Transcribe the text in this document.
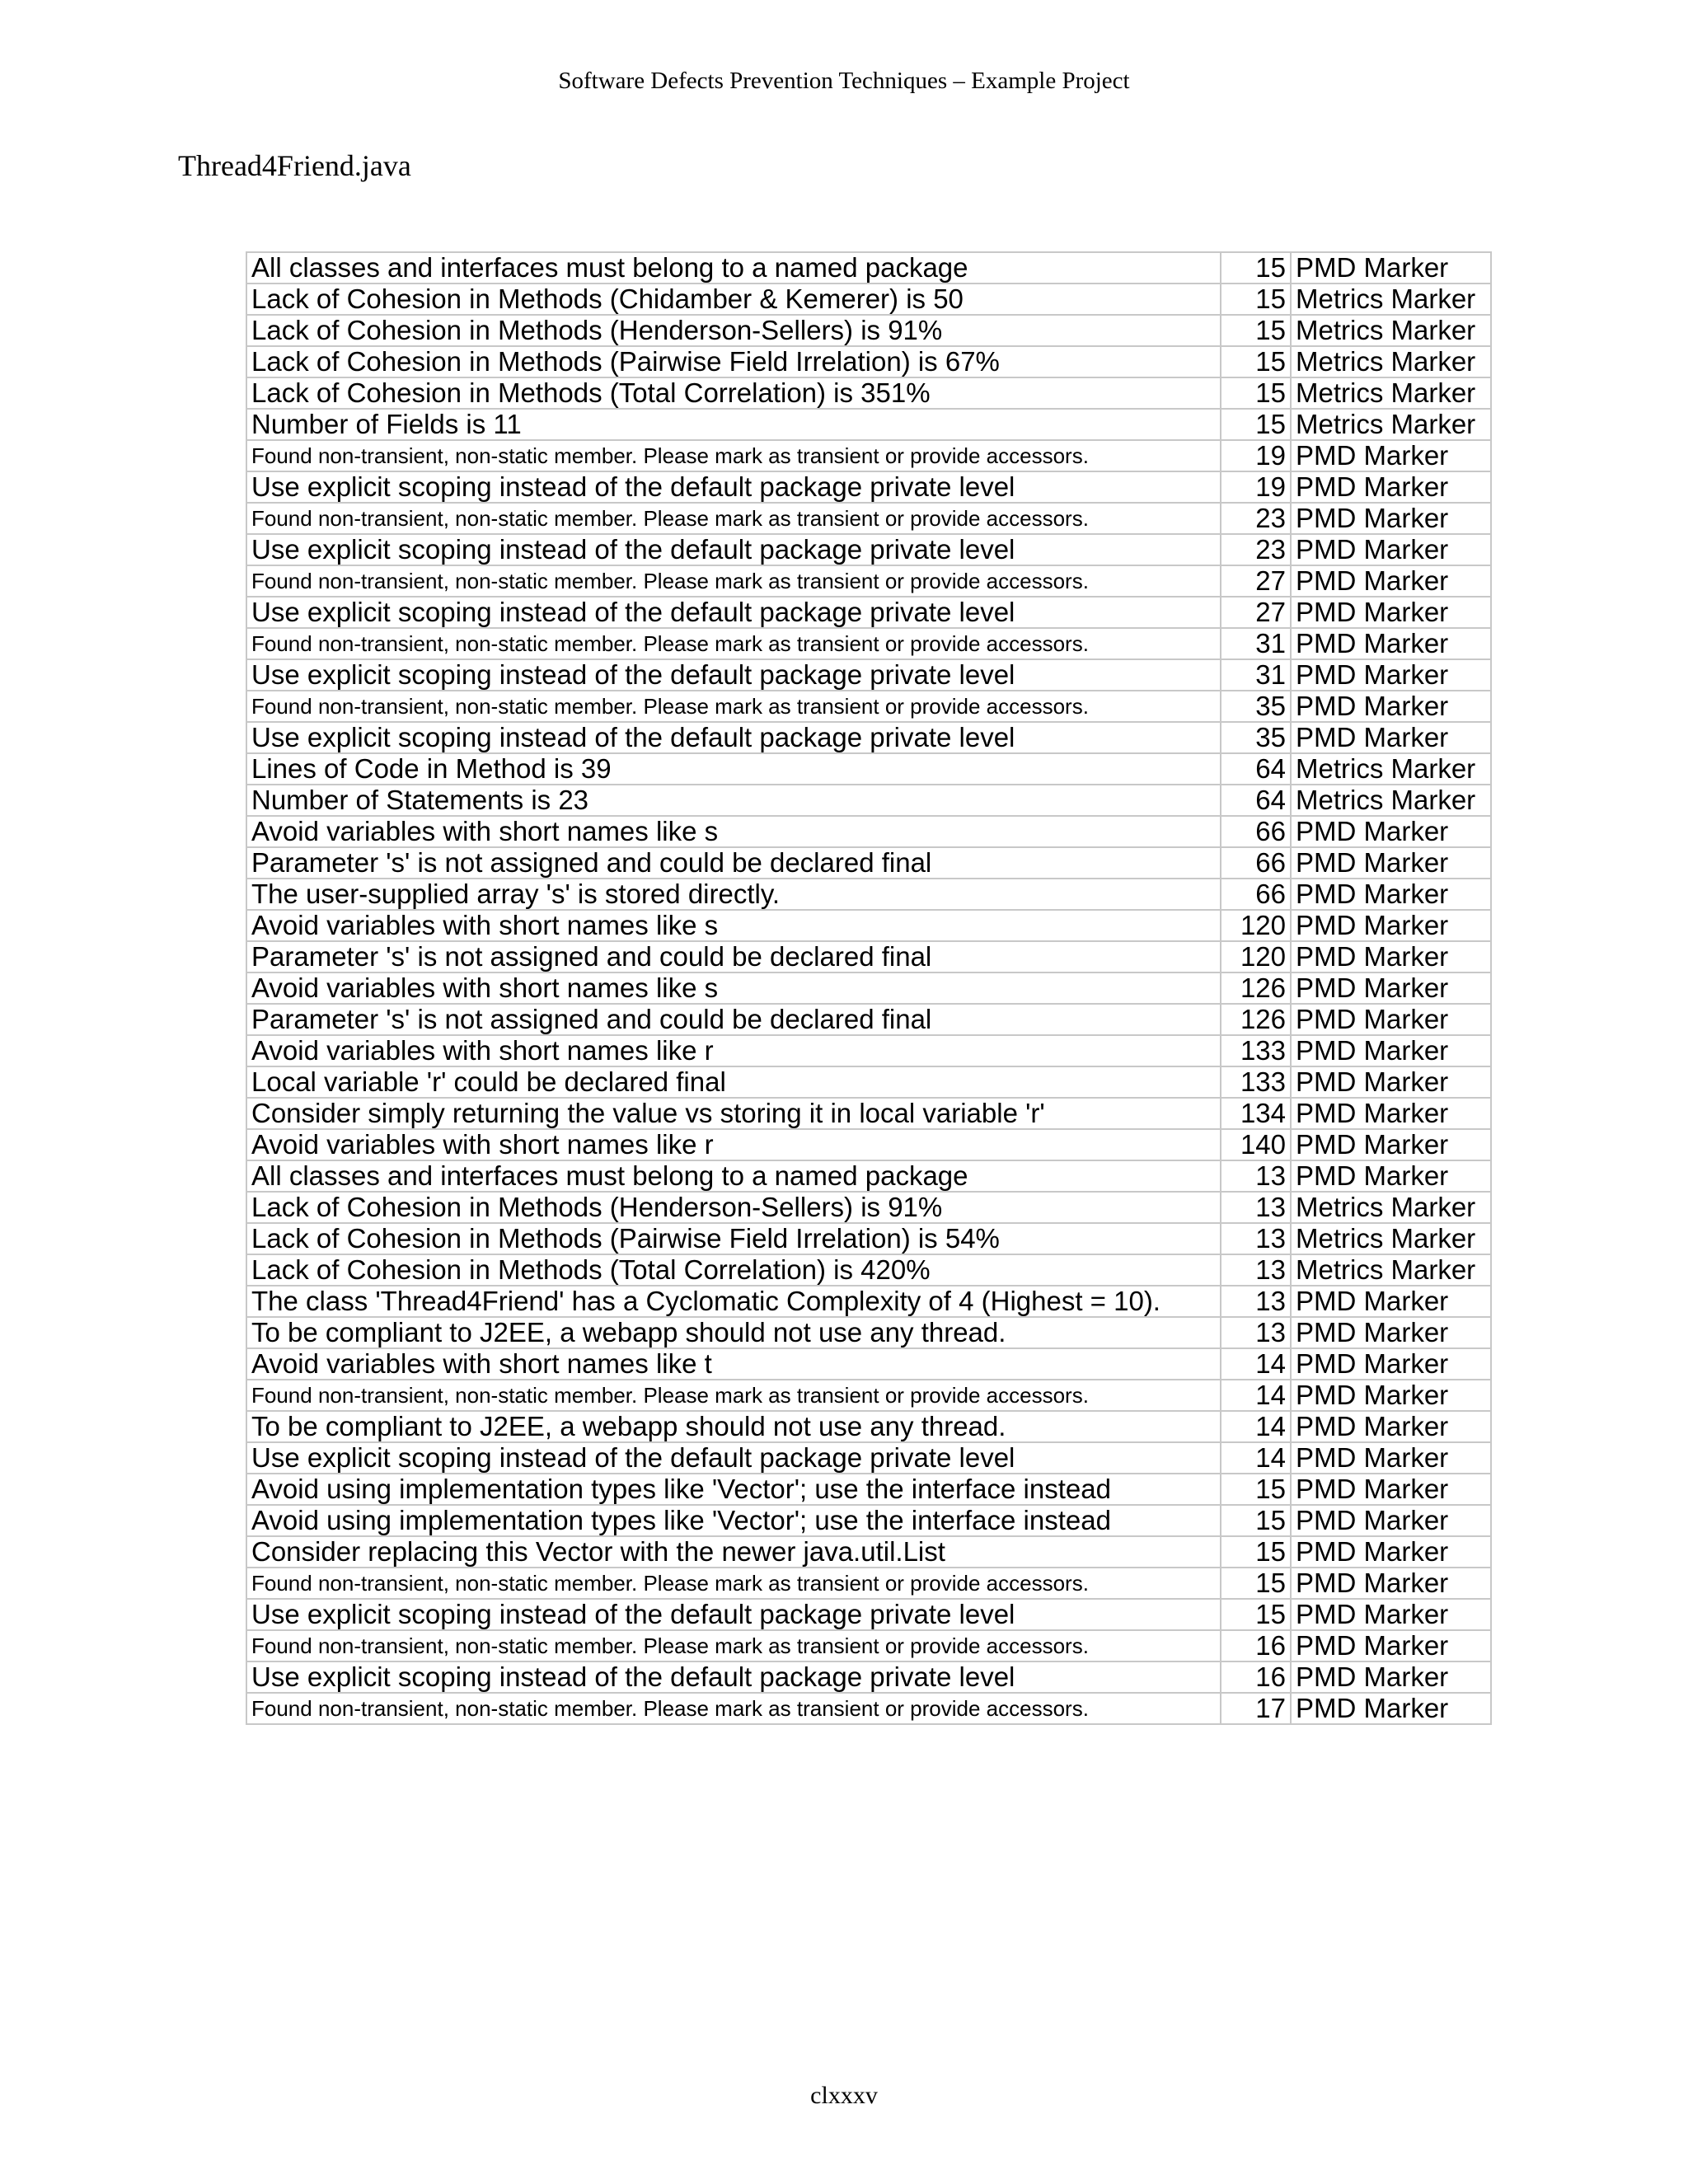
Software Defects Prevention Techniques – Example Project
Thread4Friend.java
All classes and interfaces must belong to a named package	15	PMD Marker
Lack of Cohesion in Methods (Chidamber & Kemerer) is 50	15	Metrics Marker
Lack of Cohesion in Methods (Henderson-Sellers) is 91%	15	Metrics Marker
Lack of Cohesion in Methods (Pairwise Field Irrelation) is 67%	15	Metrics Marker
Lack of Cohesion in Methods (Total Correlation) is 351%	15	Metrics Marker
Number of Fields is 11	15	Metrics Marker
Found non-transient, non-static member. Please mark as transient or provide accessors.	19	PMD Marker
Use explicit scoping instead of the default package private level	19	PMD Marker
Found non-transient, non-static member. Please mark as transient or provide accessors.	23	PMD Marker
Use explicit scoping instead of the default package private level	23	PMD Marker
Found non-transient, non-static member. Please mark as transient or provide accessors.	27	PMD Marker
Use explicit scoping instead of the default package private level	27	PMD Marker
Found non-transient, non-static member. Please mark as transient or provide accessors.	31	PMD Marker
Use explicit scoping instead of the default package private level	31	PMD Marker
Found non-transient, non-static member. Please mark as transient or provide accessors.	35	PMD Marker
Use explicit scoping instead of the default package private level	35	PMD Marker
Lines of Code in Method is 39	64	Metrics Marker
Number of Statements is 23	64	Metrics Marker
Avoid variables with short names like s	66	PMD Marker
Parameter 's' is not assigned and could be declared final	66	PMD Marker
The user-supplied array 's' is stored directly.	66	PMD Marker
Avoid variables with short names like s	120	PMD Marker
Parameter 's' is not assigned and could be declared final	120	PMD Marker
Avoid variables with short names like s	126	PMD Marker
Parameter 's' is not assigned and could be declared final	126	PMD Marker
Avoid variables with short names like r	133	PMD Marker
Local variable 'r' could be declared final	133	PMD Marker
Consider simply returning the value vs storing it in local variable 'r'	134	PMD Marker
Avoid variables with short names like r	140	PMD Marker
All classes and interfaces must belong to a named package	13	PMD Marker
Lack of Cohesion in Methods (Henderson-Sellers) is 91%	13	Metrics Marker
Lack of Cohesion in Methods (Pairwise Field Irrelation) is 54%	13	Metrics Marker
Lack of Cohesion in Methods (Total Correlation) is 420%	13	Metrics Marker
The class 'Thread4Friend' has a Cyclomatic Complexity of 4 (Highest = 10).	13	PMD Marker
To be compliant to J2EE, a webapp should not use any thread.	13	PMD Marker
Avoid variables with short names like t	14	PMD Marker
Found non-transient, non-static member. Please mark as transient or provide accessors.	14	PMD Marker
To be compliant to J2EE, a webapp should not use any thread.	14	PMD Marker
Use explicit scoping instead of the default package private level	14	PMD Marker
Avoid using implementation types like 'Vector'; use the interface instead	15	PMD Marker
Avoid using implementation types like 'Vector'; use the interface instead	15	PMD Marker
Consider replacing this Vector with the newer java.util.List	15	PMD Marker
Found non-transient, non-static member. Please mark as transient or provide accessors.	15	PMD Marker
Use explicit scoping instead of the default package private level	15	PMD Marker
Found non-transient, non-static member. Please mark as transient or provide accessors.	16	PMD Marker
Use explicit scoping instead of the default package private level	16	PMD Marker
Found non-transient, non-static member. Please mark as transient or provide accessors.	17	PMD Marker
clxxxv
